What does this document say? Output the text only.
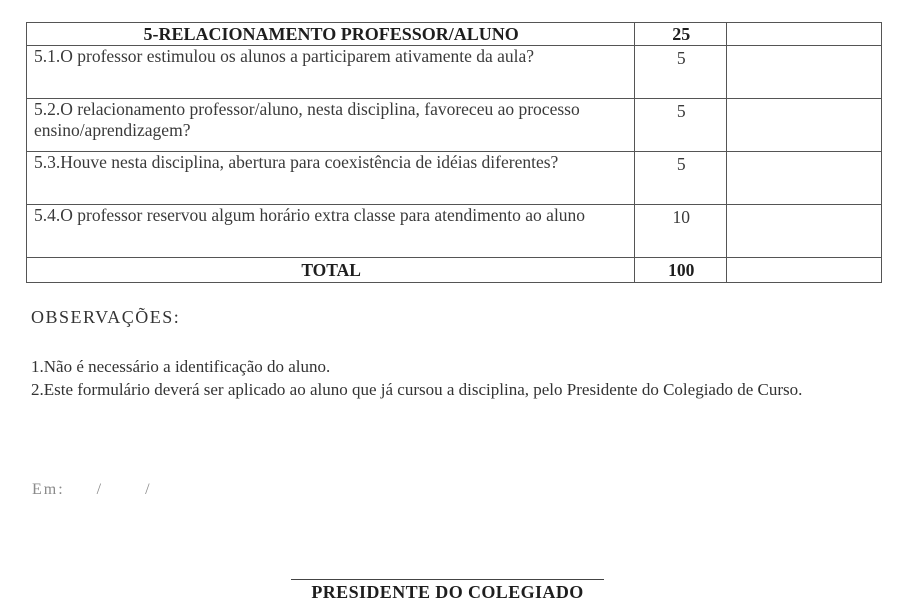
5-RELACIONAMENTO PROFESSOR/ALUNO	25	
5.1.O professor estimulou os alunos a participarem ativamente da aula?	5	
5.2.O relacionamento professor/aluno, nesta disciplina, favoreceu ao processo ensino/aprendizagem?	5	
5.3.Houve nesta disciplina, abertura para coexistência de idéias diferentes?	5	
5.4.O professor reservou algum horário extra classe para atendimento ao aluno	10	
TOTAL	100	
OBSERVAÇÕES:

1.Não é necessário a identificação do aluno.

2.Este formulário deverá ser aplicado ao aluno que já cursou a disciplina, pelo Presidente do Colegiado de Curso.

Em: /	/
PRESIDENTE DO COLEGIADO
